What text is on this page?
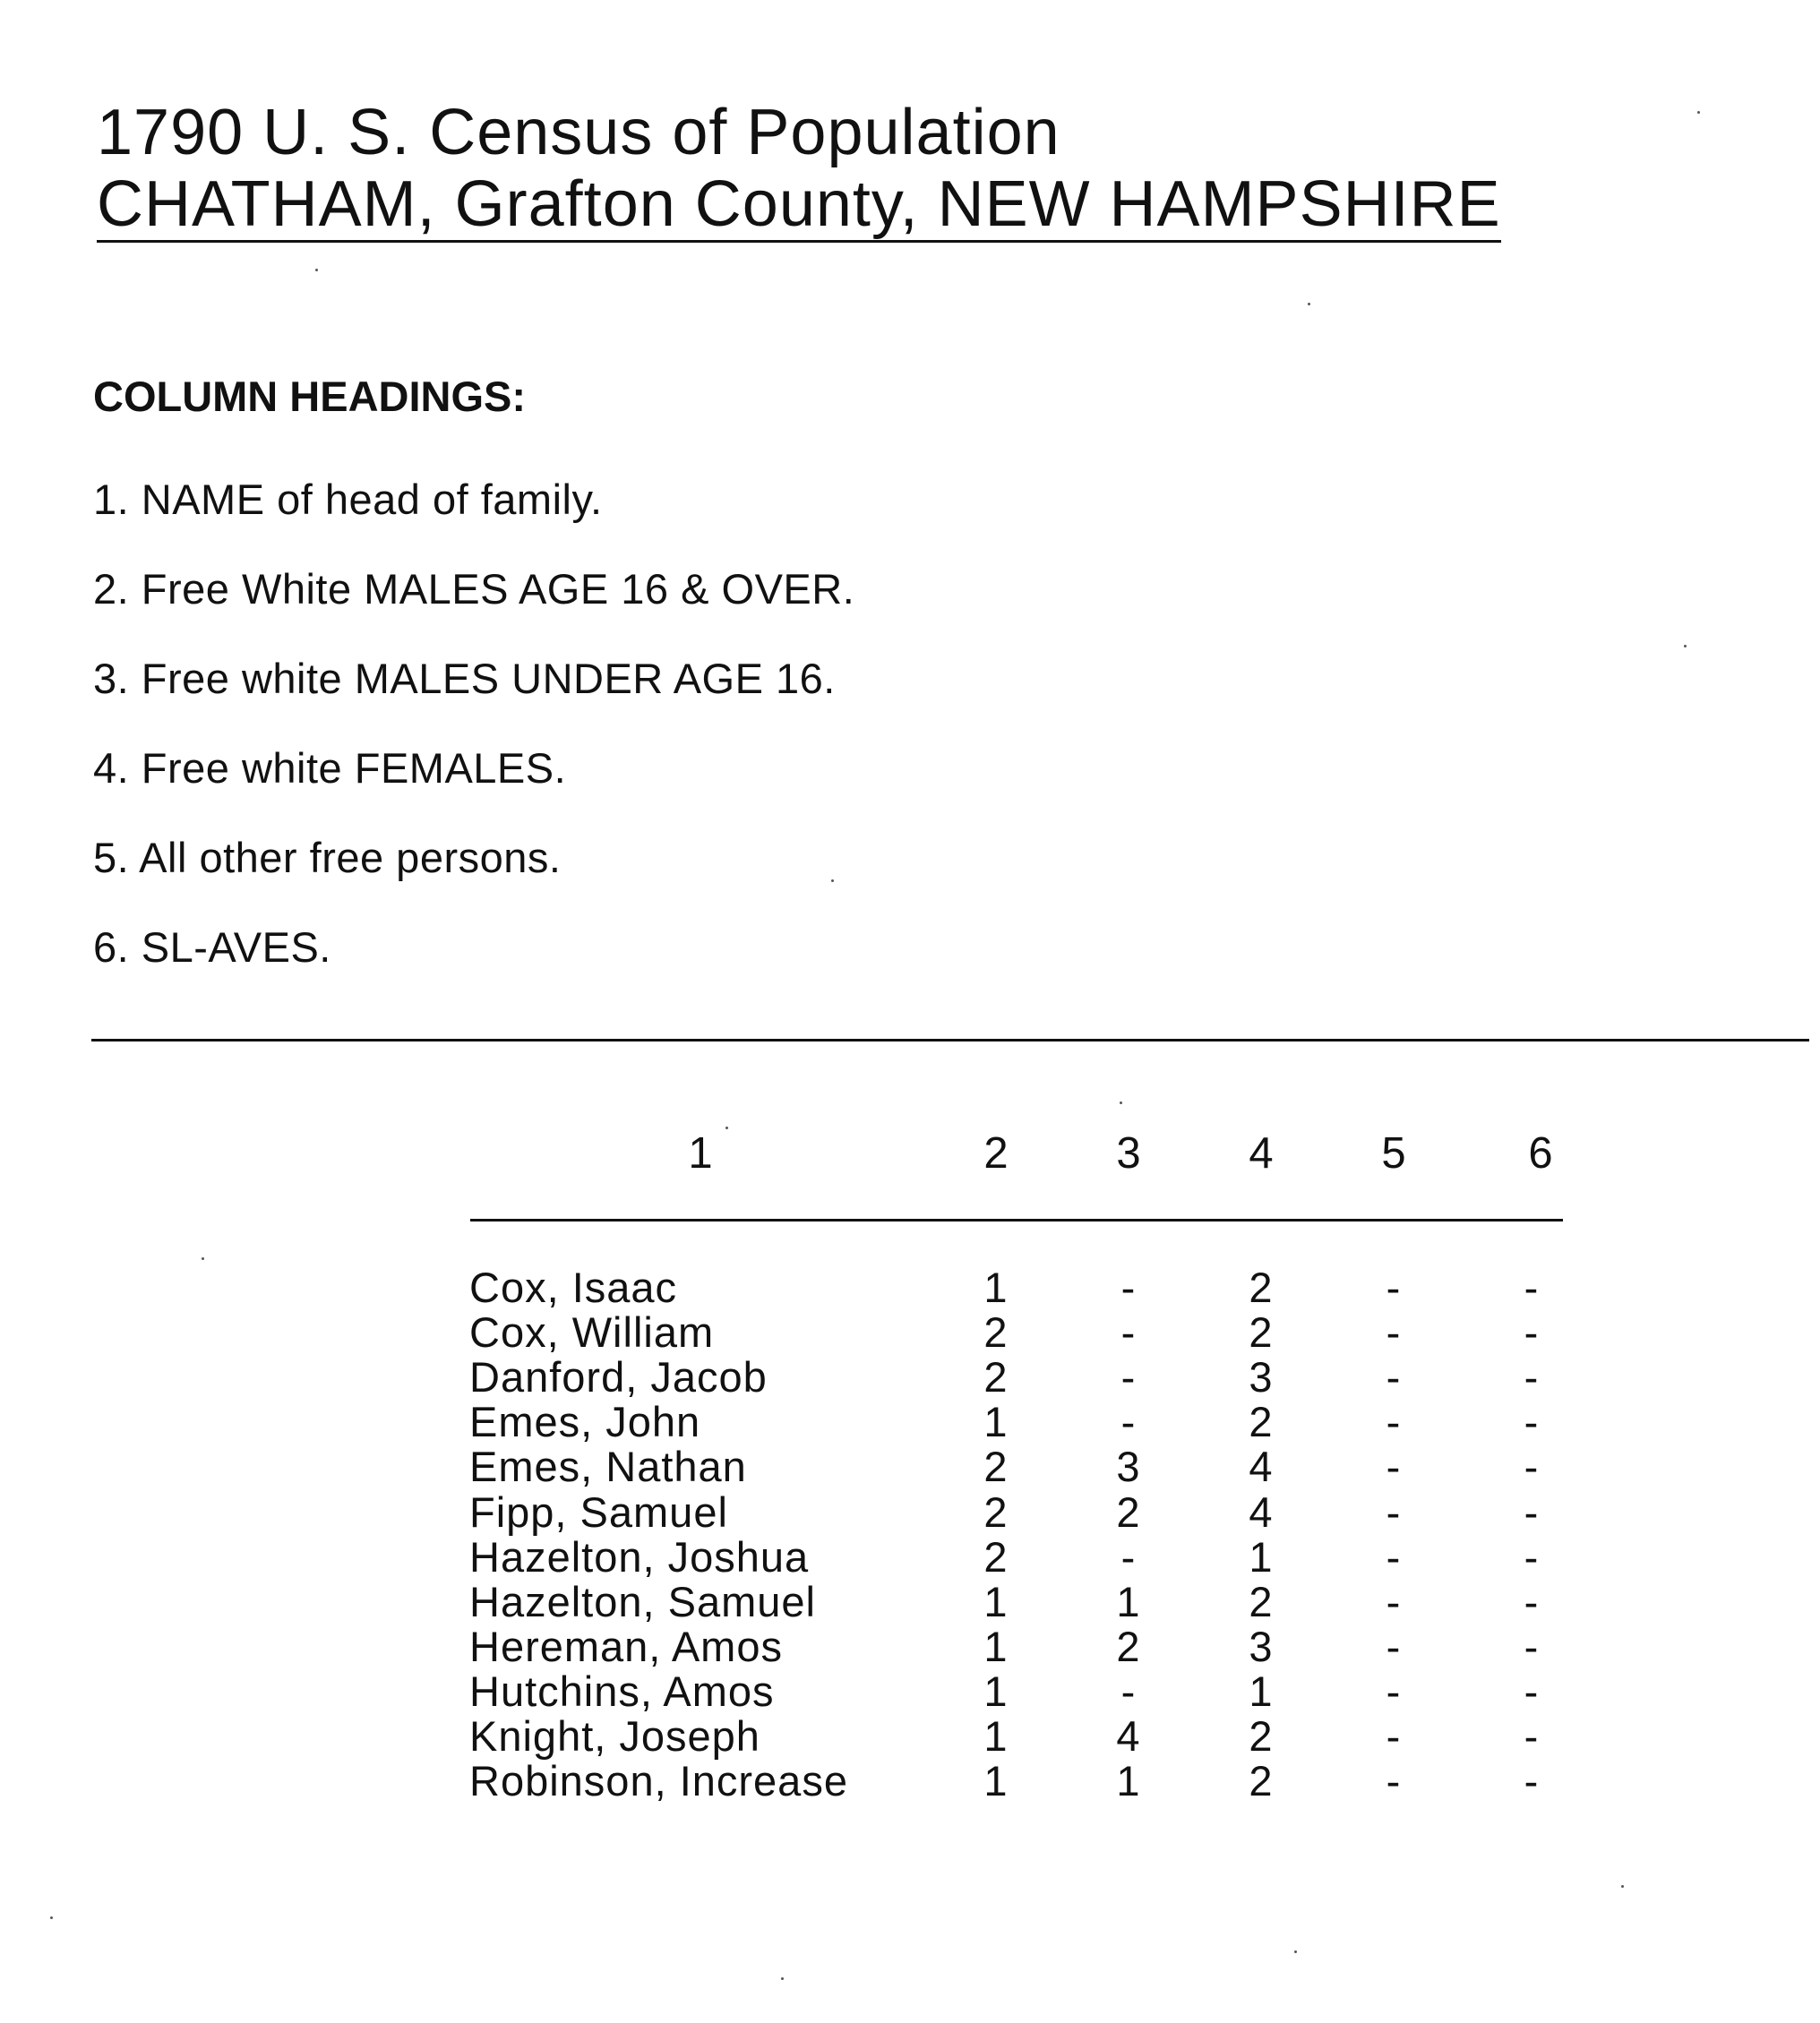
1790 U. S. Census of Population

CHATHAM, Grafton County, NEW HAMPSHIRE

COLUMN HEADINGS:

1. NAME of head of family.

2. Free White MALES AGE 16 & OVER.

3. Free white MALES UNDER AGE 16.

4. Free white FEMALES.

5. All other free persons.

6. SL-AVES.

1	2	3	4	5	6
Cox, Isaac	1	-	2	-	-
Cox, William	2	-	2	-	-
Danford, Jacob	2	-	3	-	-
Emes, John	1	-	2	-	-
Emes, Nathan	2	3	4	-	-
Fipp, Samuel	2	2	4	-	-
Hazelton, Joshua	2	-	1	-	-
Hazelton, Samuel	1	1	2	-	-
Hereman, Amos	1	2	3	-	-
Hutchins, Amos	1	-	1	-	-
Knight, Joseph	1	4	2	-	-
Robinson, Increase	1	1	2	-	-
